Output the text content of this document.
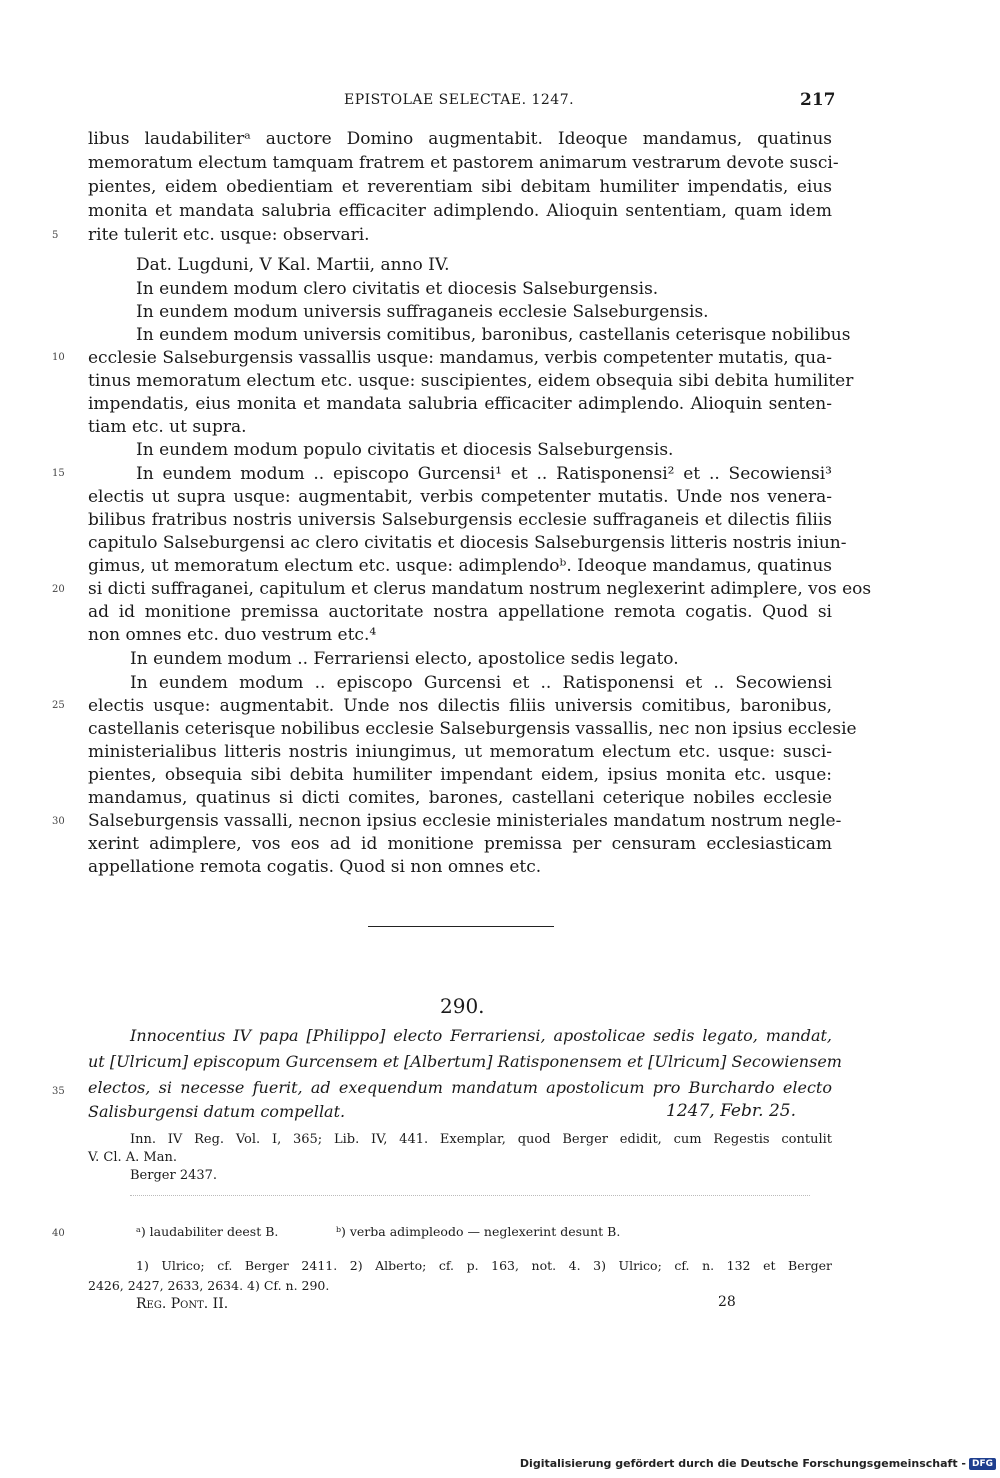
EPISTOLAE SELECTAE. 1247.	217
libus laudabiliterᵃ auctore Domino augmentabit. Ideoque mandamus, quatinus
memoratum electum tamquam fratrem et pastorem animarum vestrarum devote susci-
pientes, eidem obedientiam et reverentiam sibi debitam humiliter impendatis, eius
monita et mandata salubria efficaciter adimplendo. Alioquin sententiam, quam idem
rite tulerit etc. usque: observari.
Dat. Lugduni, V Kal. Martii, anno IV.
In eundem modum clero civitatis et diocesis Salseburgensis.
In eundem modum universis suffraganeis ecclesie Salseburgensis.
In eundem modum universis comitibus, baronibus, castellanis ceterisque nobilibus
ecclesie Salseburgensis vassallis usque: mandamus, verbis competenter mutatis, qua-
tinus memoratum electum etc. usque: suscipientes, eidem obsequia sibi debita humiliter
impendatis, eius monita et mandata salubria efficaciter adimplendo. Alioquin senten-
tiam etc. ut supra.
In eundem modum populo civitatis et diocesis Salseburgensis.
In eundem modum .. episcopo Gurcensi¹ et .. Ratisponensi² et .. Secowiensi³
electis ut supra usque: augmentabit, verbis competenter mutatis. Unde nos venera-
bilibus fratribus nostris universis Salseburgensis ecclesie suffraganeis et dilectis filiis
capitulo Salseburgensi ac clero civitatis et diocesis Salseburgensis litteris nostris iniun-
gimus, ut memoratum electum etc. usque: adimplendoᵇ. Ideoque mandamus, quatinus
si dicti suffraganei, capitulum et clerus mandatum nostrum neglexerint adimplere, vos eos
ad id monitione premissa auctoritate nostra appellatione remota cogatis. Quod si
non omnes etc. duo vestrum etc.⁴
In eundem modum .. Ferrariensi electo, apostolice sedis legato.
In eundem modum .. episcopo Gurcensi et .. Ratisponensi et .. Secowiensi
electis usque: augmentabit. Unde nos dilectis filiis universis comitibus, baronibus,
castellanis ceterisque nobilibus ecclesie Salseburgensis vassallis, nec non ipsius ecclesie
ministerialibus litteris nostris iniungimus, ut memoratum electum etc. usque: susci-
pientes, obsequia sibi debita humiliter impendant eidem, ipsius monita etc. usque:
mandamus, quatinus si dicti comites, barones, castellani ceterique nobiles ecclesie
Salseburgensis vassalli, necnon ipsius ecclesie ministeriales mandatum nostrum negle-
xerint adimplere, vos eos ad id monitione premissa per censuram ecclesiasticam
appellatione remota cogatis. Quod si non omnes etc.
5
10
15
20
25
30
35
40
290.
Innocentius IV papa [Philippo] electo Ferrariensi, apostolicae sedis legato, mandat,
ut [Ulricum] episcopum Gurcensem et [Albertum] Ratisponensem et [Ulricum] Secowiensem
electos, si necesse fuerit, ad exequendum mandatum apostolicum pro Burchardo electo
Salisburgensi datum compellat.	1247, Febr. 25.
Inn. IV Reg. Vol. I, 365; Lib. IV, 441. Exemplar, quod Berger edidit, cum Regestis contulit
V. Cl. A. Man.
Berger 2437.
ᵃ) laudabiliter deest B.	ᵇ) verba adimpleodo — neglexerint desunt B.
1) Ulrico; cf. Berger 2411. 2) Alberto; cf. p. 163, not. 4. 3) Ulrico; cf. n. 132 et Berger
2426, 2427, 2633, 2634. 4) Cf. n. 290.
Reg. Pont. II.	28
Digitalisierung gefördert durch die Deutsche Forschungsgemeinschaft - DFG
